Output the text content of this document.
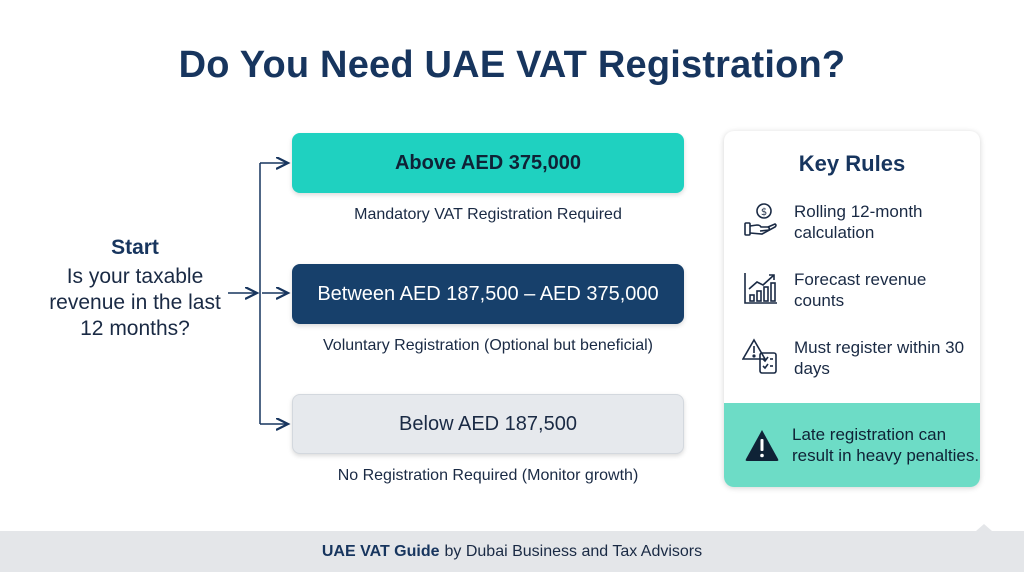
Do You Need UAE VAT Registration?
Start
Is your taxable revenue in the last 12 months?
Above AED 375,000
Mandatory VAT Registration Required
Between AED 187,500 – AED 375,000
Voluntary Registration (Optional but beneficial)
Below AED 187,500
No Registration Required (Monitor growth)
Key Rules
$ Rolling 12-month calculation
Forecast revenue counts
Must register within 30 days
Late registration can result in heavy penalties.
UAE VAT Guide by Dubai Business and Tax Advisors
